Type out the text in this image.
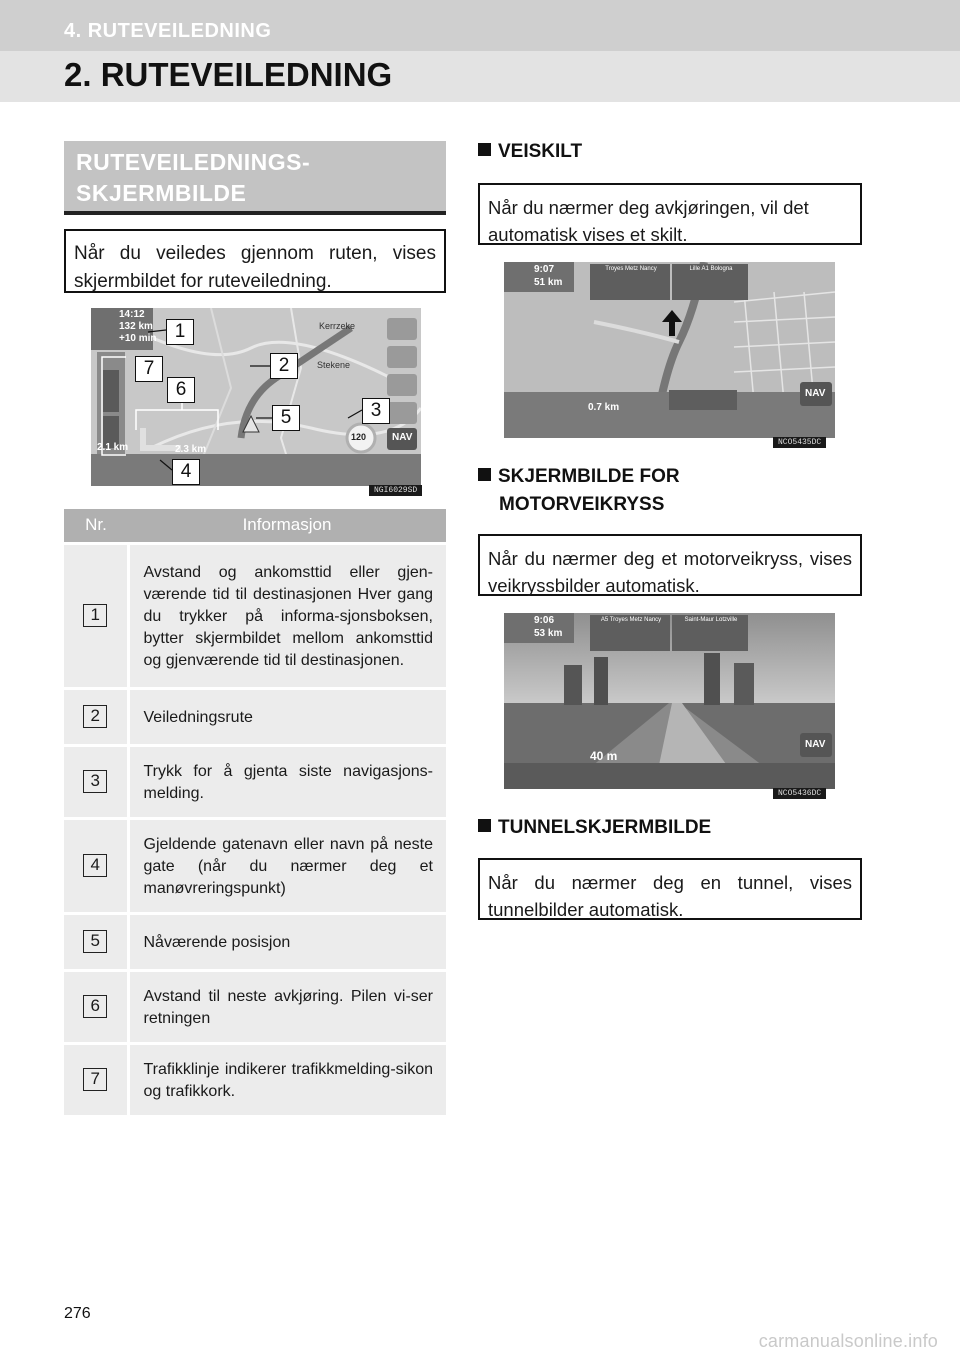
4. RUTEVEILEDNING
2. RUTEVEILEDNING
RUTEVEILEDNINGS-
SKJERMBILDE
Når du veiledes gjennom ruten, vises skjermbildet for ruteveiledning.
14:12
132 km
+10 min
Kerrzeke
Stekene
2.1 km	2.3 km
120	NAV
NGI6029SD
1
2
3
4
5
6
7
Nr.	Informasjon
1	Avstand og ankomsttid eller gjen-værende tid til destinasjonen Hver gang du trykker på informa-sjonsboksen, bytter skjermbildet mellom ankomsttid og gjenværende tid til destinasjonen.
2	Veiledningsrute
3	Trykk for å gjenta siste navigasjons-melding.
4	Gjeldende gatenavn eller navn på neste gate (når du nærmer deg et manøvreringspunkt)
5	Nåværende posisjon
6	Avstand til neste avkjøring. Pilen vi-ser retningen
7	Trafikklinje indikerer trafikkmelding-sikon og trafikkork.
VEISKILT
Når du nærmer deg avkjøringen, vil det automatisk vises et skilt.
9:07
51 km
Troyes Metz Nancy	Lille A1 Bologna
0.7 km
NAV
NCO5435DC
SKJERMBILDE FOR
MOTORVEIKRYSS
Når du nærmer deg et motorveikryss, vises veikryssbilder automatisk.
9:06
53 km
A5 Troyes Metz Nancy	Saint-Maur Lotzville
40 m
NAV
NCO5436DC
TUNNELSKJERMBILDE
Når du nærmer deg en tunnel, vises tunnelbilder automatisk.
276
carmanualsonline.info
